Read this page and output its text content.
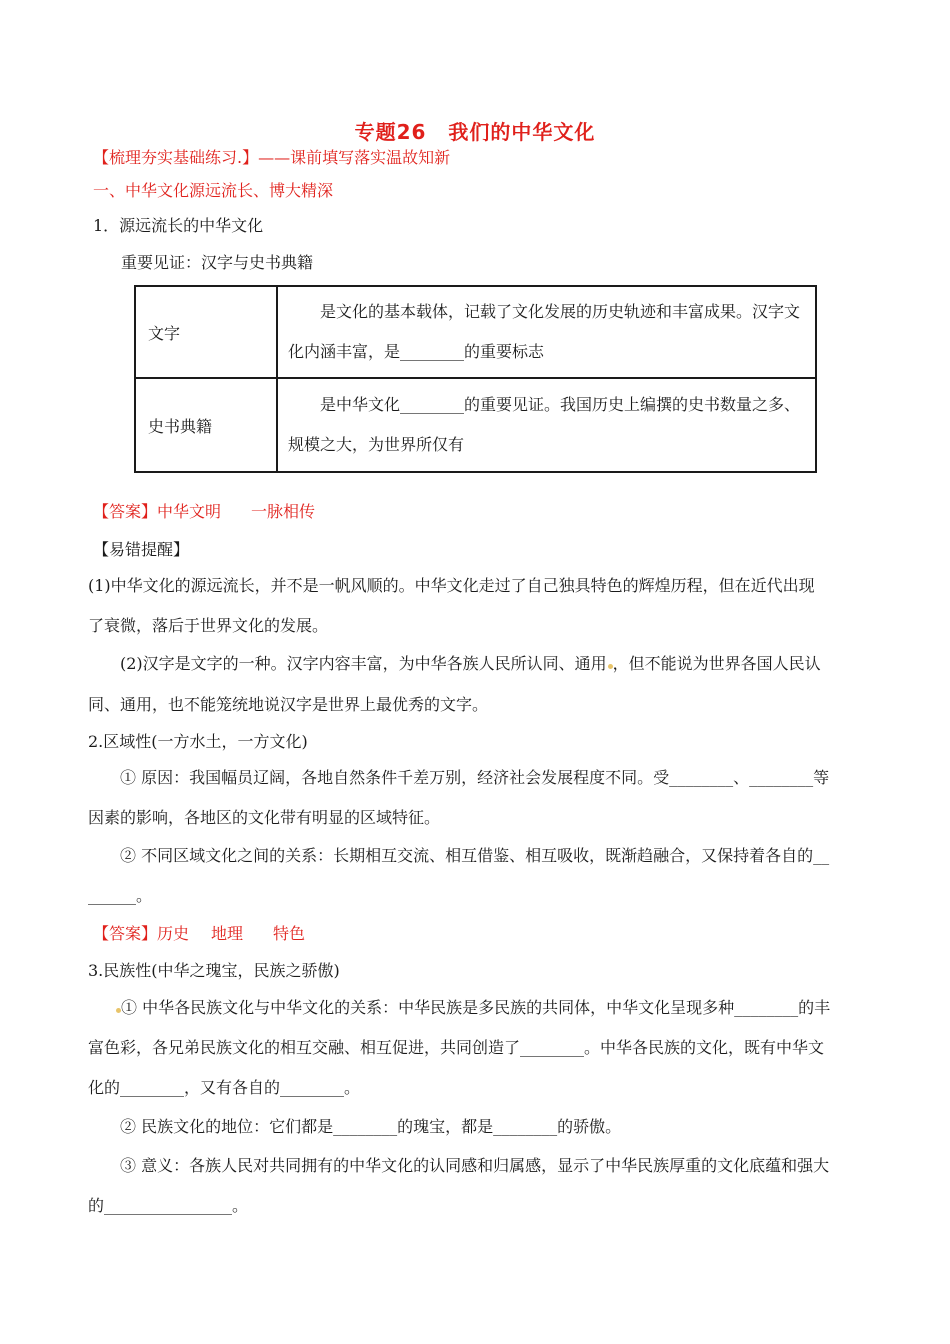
专题26 我们的中华文化
【梳理夯实基础练习.】——课前填写落实温故知新
一、中华文化源远流长、博大精深
1．源远流长的中华文化
重要见证：汉字与史书典籍
文字	是文化的基本载体，记载了文化发展的历史轨迹和丰富成果。汉字文化内涵丰富，是________的重要标志
史书典籍	是中华文化________的重要见证。我国历史上编撰的史书数量之多、规模之大，为世界所仅有
【答案】中华文明 一脉相传
【易错提醒】
(1)中华文化的源远流长，并不是一帆风顺的。中华文化走过了自己独具特色的辉煌历程，但在近代出现
了衰微，落后于世界文化的发展。
(2)汉字是文字的一种。汉字内容丰富，为中华各族人民所认同、通用 ，但不能说为世界各国人民认
同、通用，也不能笼统地说汉字是世界上最优秀的文字。
2.区域性(一方水土，一方文化)
① 原因：我国幅员辽阔，各地自然条件千差万别，经济社会发展程度不同。受________、________等
因素的影响，各地区的文化带有明显的区域特征。
② 不同区域文化之间的关系：长期相互交流、相互借鉴、相互吸收，既渐趋融合，又保持着各自的__
______。
【答案】历史 地理 特色
3.民族性(中华之瑰宝，民族之骄傲)
① 中华各民族文化与中华文化的关系：中华民族是多民族的共同体，中华文化呈现多种________的丰
富色彩，各兄弟民族文化的相互交融、相互促进，共同创造了________。中华各民族的文化，既有中华文
化的________，又有各自的________。
② 民族文化的地位：它们都是________的瑰宝，都是________的骄傲。
③ 意义：各族人民对共同拥有的中华文化的认同感和归属感，显示了中华民族厚重的文化底蕴和强大
的________________。
